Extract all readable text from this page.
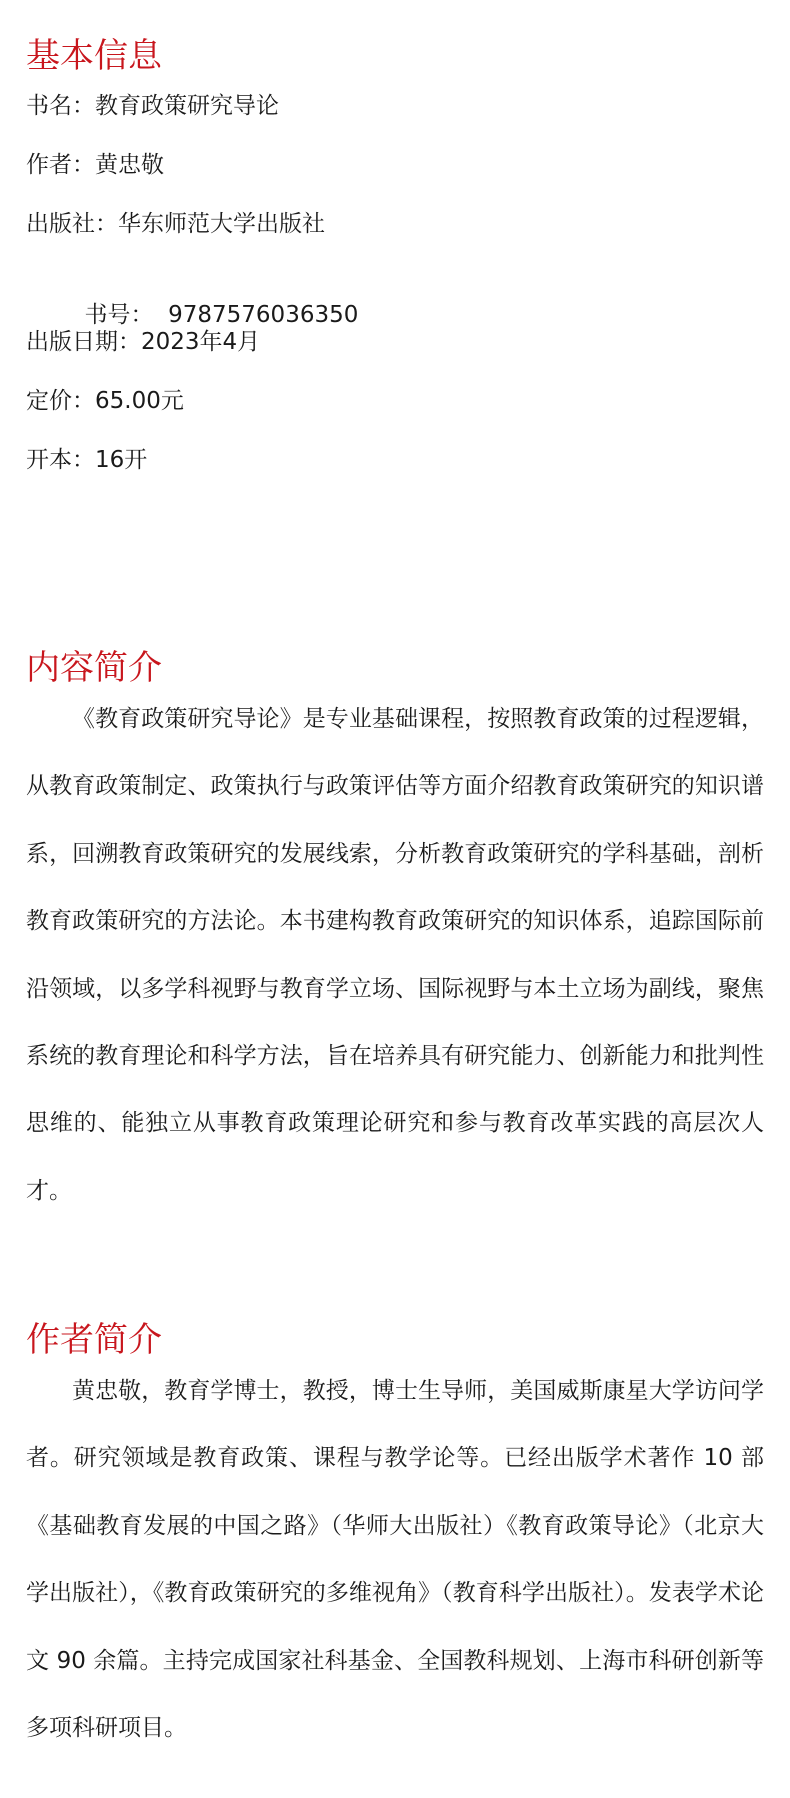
基本信息
书名：教育政策研究导论
作者：黄忠敬
出版社：华东师范大学出版社

书号：  9787576036350

出版日期：2023年4月
定价：65.00元
开本：16开
内容简介

《教育政策研究导论》是专业基础课程，按照教育政策的过程逻辑，从教育政策制定、政策执行与政策评估等方面介绍教育政策研究的知识谱系，回溯教育政策研究的发展线索，分析教育政策研究的学科基础，剖析教育政策研究的方法论。本书建构教育政策研究的知识体系，追踪国际前沿领域，以多学科视野与教育学立场、国际视野与本土立场为副线，聚焦系统的教育理论和科学方法，旨在培养具有研究能力、创新能力和批判性思维的、能独立从事教育政策理论研究和参与教育改革实践的高层次人才。

作者简介

黄忠敬，教育学博士，教授，博士生导师，美国威斯康星大学访问学者。研究领域是教育政策、课程与教学论等。已经出版学术著作 10 部《基础教育发展的中国之路》（华师大出版社）《教育政策导论》（北京大学出版社），《教育政策研究的多维视角》（教育科学出版社）。发表学术论文 90 余篇。主持完成国家社科基金、全国教科规划、上海市科研创新等多项科研项目。
